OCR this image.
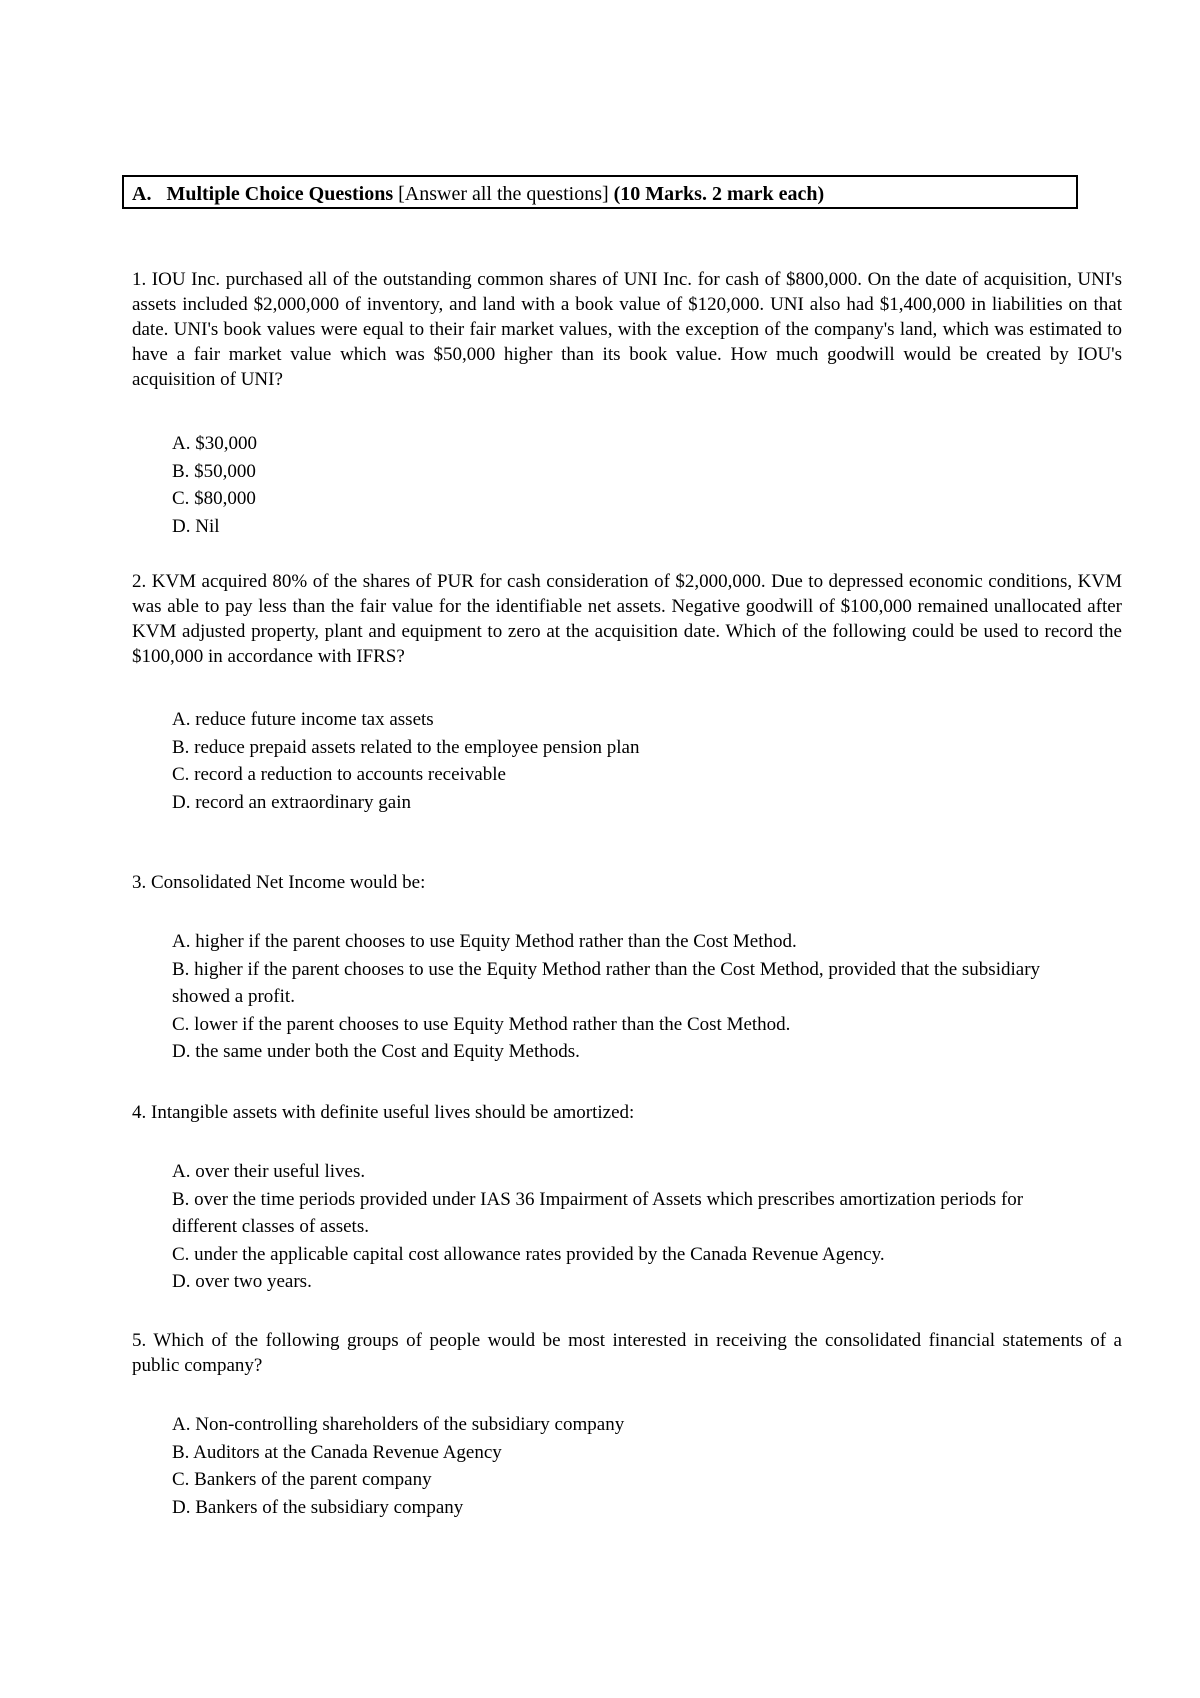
A. Multiple Choice Questions [Answer all the questions] (10 Marks. 2 mark each)
1. IOU Inc. purchased all of the outstanding common shares of UNI Inc. for cash of $800,000. On the date of acquisition, UNI's assets included $2,000,000 of inventory, and land with a book value of $120,000. UNI also had $1,400,000 in liabilities on that date. UNI's book values were equal to their fair market values, with the exception of the company's land, which was estimated to have a fair market value which was $50,000 higher than its book value. How much goodwill would be created by IOU's acquisition of UNI?
A. $30,000
B. $50,000
C. $80,000
D. Nil
2. KVM acquired 80% of the shares of PUR for cash consideration of $2,000,000. Due to depressed economic conditions, KVM was able to pay less than the fair value for the identifiable net assets. Negative goodwill of $100,000 remained unallocated after KVM adjusted property, plant and equipment to zero at the acquisition date. Which of the following could be used to record the $100,000 in accordance with IFRS?
A. reduce future income tax assets
B. reduce prepaid assets related to the employee pension plan
C. record a reduction to accounts receivable
D. record an extraordinary gain
3. Consolidated Net Income would be:
A. higher if the parent chooses to use Equity Method rather than the Cost Method.
B. higher if the parent chooses to use the Equity Method rather than the Cost Method, provided that the subsidiary showed a profit.
C. lower if the parent chooses to use Equity Method rather than the Cost Method.
D. the same under both the Cost and Equity Methods.
4. Intangible assets with definite useful lives should be amortized:
A. over their useful lives.
B. over the time periods provided under IAS 36 Impairment of Assets which prescribes amortization periods for different classes of assets.
C. under the applicable capital cost allowance rates provided by the Canada Revenue Agency.
D. over two years.
5. Which of the following groups of people would be most interested in receiving the consolidated financial statements of a public company?
A. Non-controlling shareholders of the subsidiary company
B. Auditors at the Canada Revenue Agency
C. Bankers of the parent company
D. Bankers of the subsidiary company
